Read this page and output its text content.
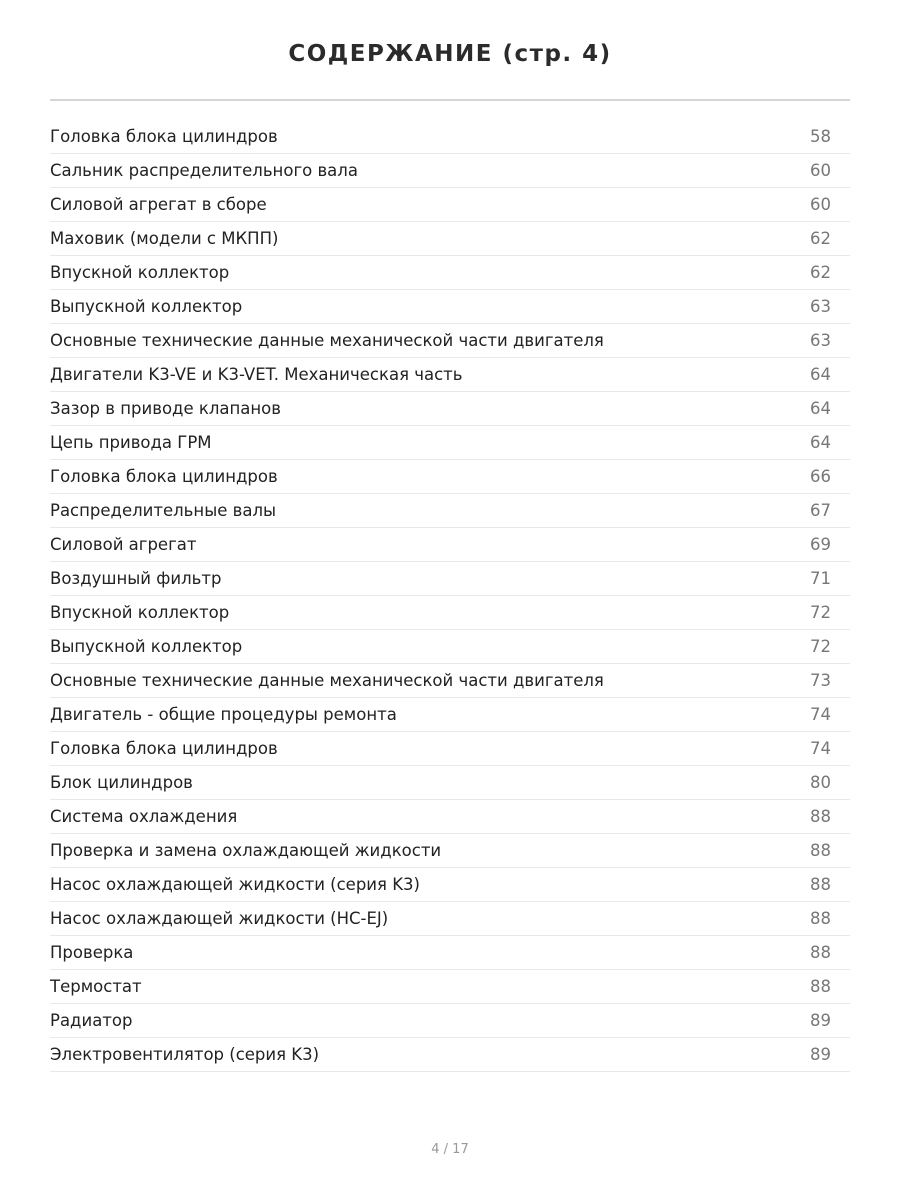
СОДЕРЖАНИЕ (стр. 4)
Головка блока цилиндров	58
Сальник распределительного вала	60
Силовой агрегат в сборе	60
Маховик (модели с МКПП)	62
Впускной коллектор	62
Выпускной коллектор	63
Основные технические данные механической части двигателя	63
Двигатели K3-VE и K3-VET. Механическая часть	64
Зазор в приводе клапанов	64
Цепь привода ГРМ	64
Головка блока цилиндров	66
Распределительные валы	67
Силовой агрегат	69
Воздушный фильтр	71
Впускной коллектор	72
Выпускной коллектор	72
Основные технические данные механической части двигателя	73
Двигатель - общие процедуры ремонта	74
Головка блока цилиндров	74
Блок цилиндров	80
Система охлаждения	88
Проверка и замена охлаждающей жидкости	88
Насос охлаждающей жидкости (серия K3)	88
Насос охлаждающей жидкости (HC-EJ)	88
Проверка	88
Термостат	88
Радиатор	89
Электровентилятор (серия K3)	89
4 / 17
